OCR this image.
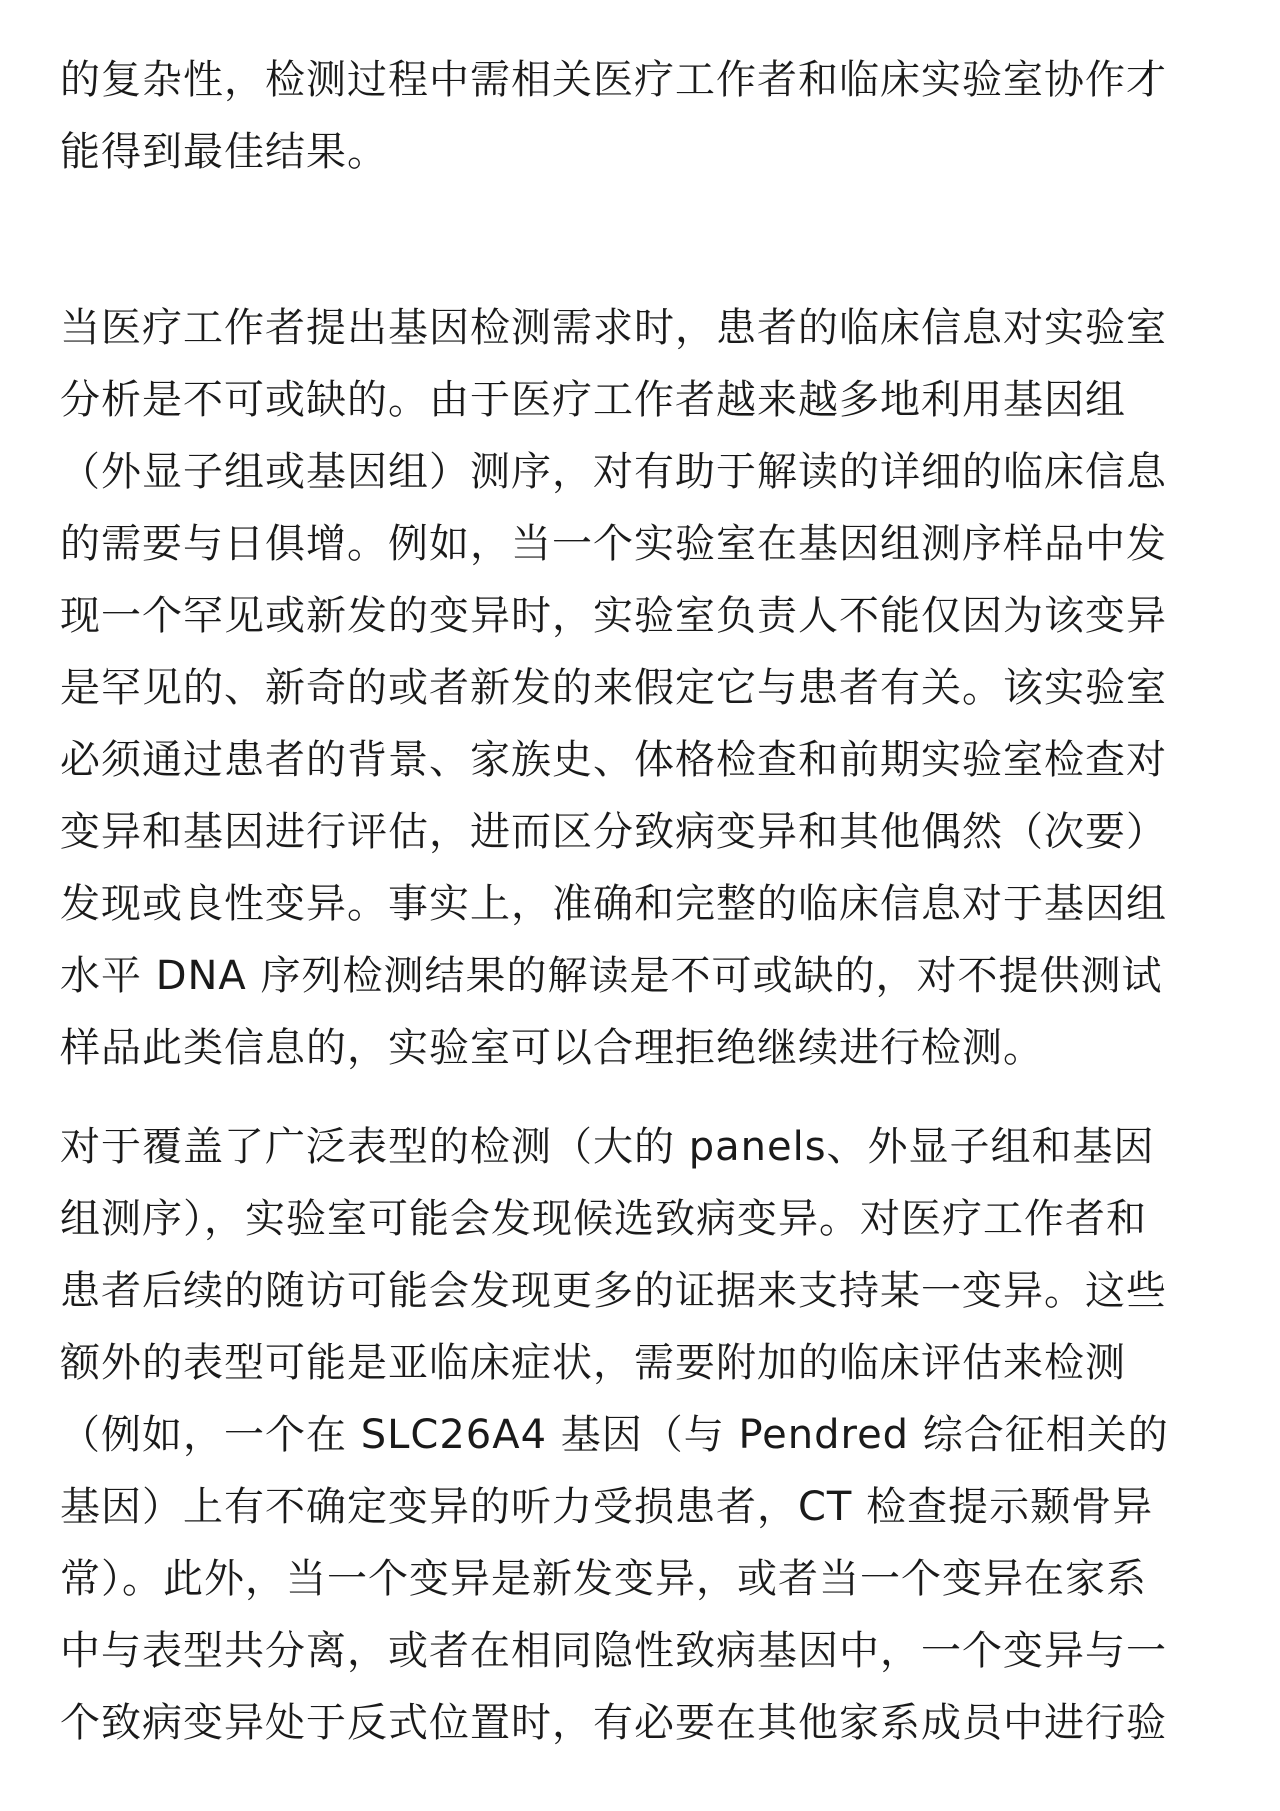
的复杂性，检测过程中需相关医疗工作者和临床实验室协作才
能得到最佳结果。

当医疗工作者提出基因检测需求时，患者的临床信息对实验室
分析是不可或缺的。由于医疗工作者越来越多地利用基因组
（外显子组或基因组）测序，对有助于解读的详细的临床信息
的需要与日俱增。例如，当一个实验室在基因组测序样品中发
现一个罕见或新发的变异时，实验室负责人不能仅因为该变异
是罕见的、新奇的或者新发的来假定它与患者有关。该实验室
必须通过患者的背景、家族史、体格检查和前期实验室检查对
变异和基因进行评估，进而区分致病变异和其他偶然（次要）
发现或良性变异。事实上，准确和完整的临床信息对于基因组
水平 DNA 序列检测结果的解读是不可或缺的，对不提供测试
样品此类信息的，实验室可以合理拒绝继续进行检测。

对于覆盖了广泛表型的检测（大的 panels、外显子组和基因
组测序），实验室可能会发现候选致病变异。对医疗工作者和
患者后续的随访可能会发现更多的证据来支持某一变异。这些
额外的表型可能是亚临床症状，需要附加的临床评估来检测
（例如，一个在 SLC26A4 基因（与 Pendred 综合征相关的
基因）上有不确定变异的听力受损患者，CT 检查提示颞骨异
常）。此外，当一个变异是新发变异，或者当一个变异在家系
中与表型共分离，或者在相同隐性致病基因中，一个变异与一
个致病变异处于反式位置时，有必要在其他家系成员中进行验
